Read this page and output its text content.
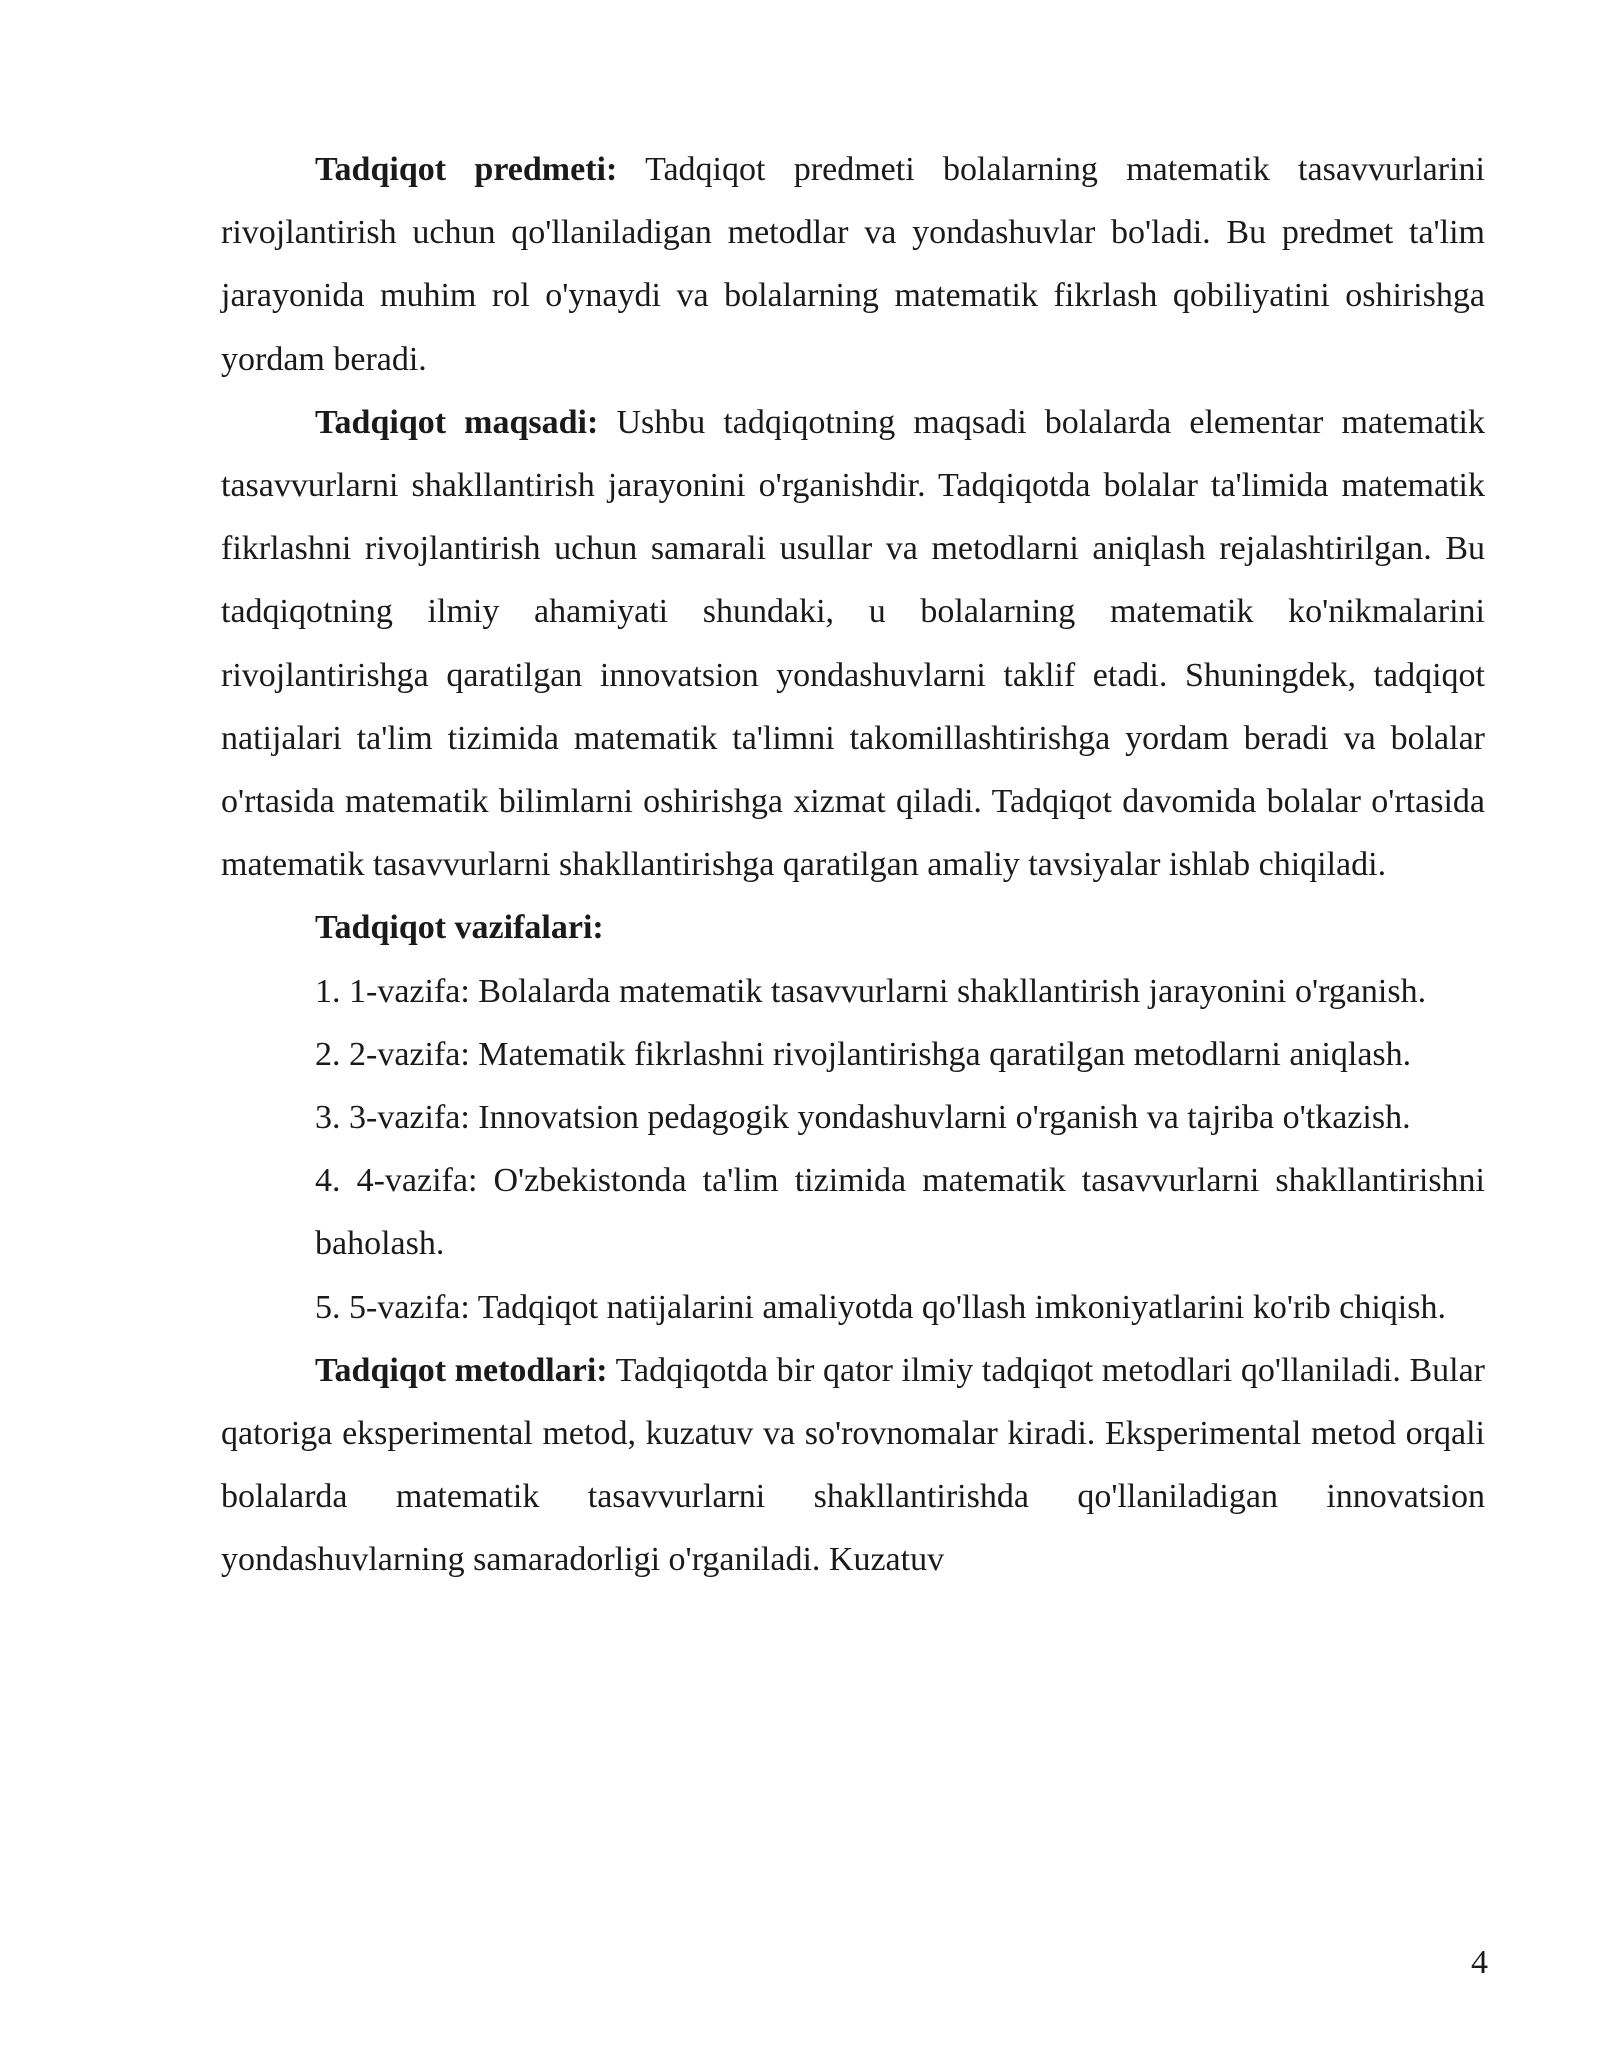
Tadqiqot predmeti: Tadqiqot predmeti bolalarning matematik tasavvurlarini rivojlantirish uchun qo'llaniladigan metodlar va yondashuvlar bo'ladi. Bu predmet ta'lim jarayonida muhim rol o'ynaydi va bolalarning matematik fikrlash qobiliyatini oshirishga yordam beradi.

Tadqiqot maqsadi: Ushbu tadqiqotning maqsadi bolalarda elementar matematik tasavvurlarni shakllantirish jarayonini o'rganishdir. Tadqiqotda bolalar ta'limida matematik fikrlashni rivojlantirish uchun samarali usullar va metodlarni aniqlash rejalashtirilgan. Bu tadqiqotning ilmiy ahamiyati shundaki, u bolalarning matematik ko'nikmalarini rivojlantirishga qaratilgan innovatsion yondashuvlarni taklif etadi. Shuningdek, tadqiqot natijalari ta'lim tizimida matematik ta'limni takomillashtirishga yordam beradi va bolalar o'rtasida matematik bilimlarni oshirishga xizmat qiladi. Tadqiqot davomida bolalar o'rtasida matematik tasavvurlarni shakllantirishga qaratilgan amaliy tavsiyalar ishlab chiqiladi.

Tadqiqot vazifalari:

1. 1-vazifa: Bolalarda matematik tasavvurlarni shakllantirish jarayonini o'rganish.
2. 2-vazifa: Matematik fikrlashni rivojlantirishga qaratilgan metodlarni aniqlash.
3. 3-vazifa: Innovatsion pedagogik yondashuvlarni o'rganish va tajriba o'tkazish.
4. 4-vazifa: O'zbekistonda ta'lim tizimida matematik tasavvurlarni shakllantirishni baholash.
5. 5-vazifa: Tadqiqot natijalarini amaliyotda qo'llash imkoniyatlarini ko'rib chiqish.

Tadqiqot metodlari: Tadqiqotda bir qator ilmiy tadqiqot metodlari qo'llaniladi. Bular qatoriga eksperimental metod, kuzatuv va so'rovnomalar kiradi. Eksperimental metod orqali bolalarda matematik tasavvurlarni shakllantirishda qo'llaniladigan innovatsion yondashuvlarning samaradorligi o'rganiladi. Kuzatuv

4
